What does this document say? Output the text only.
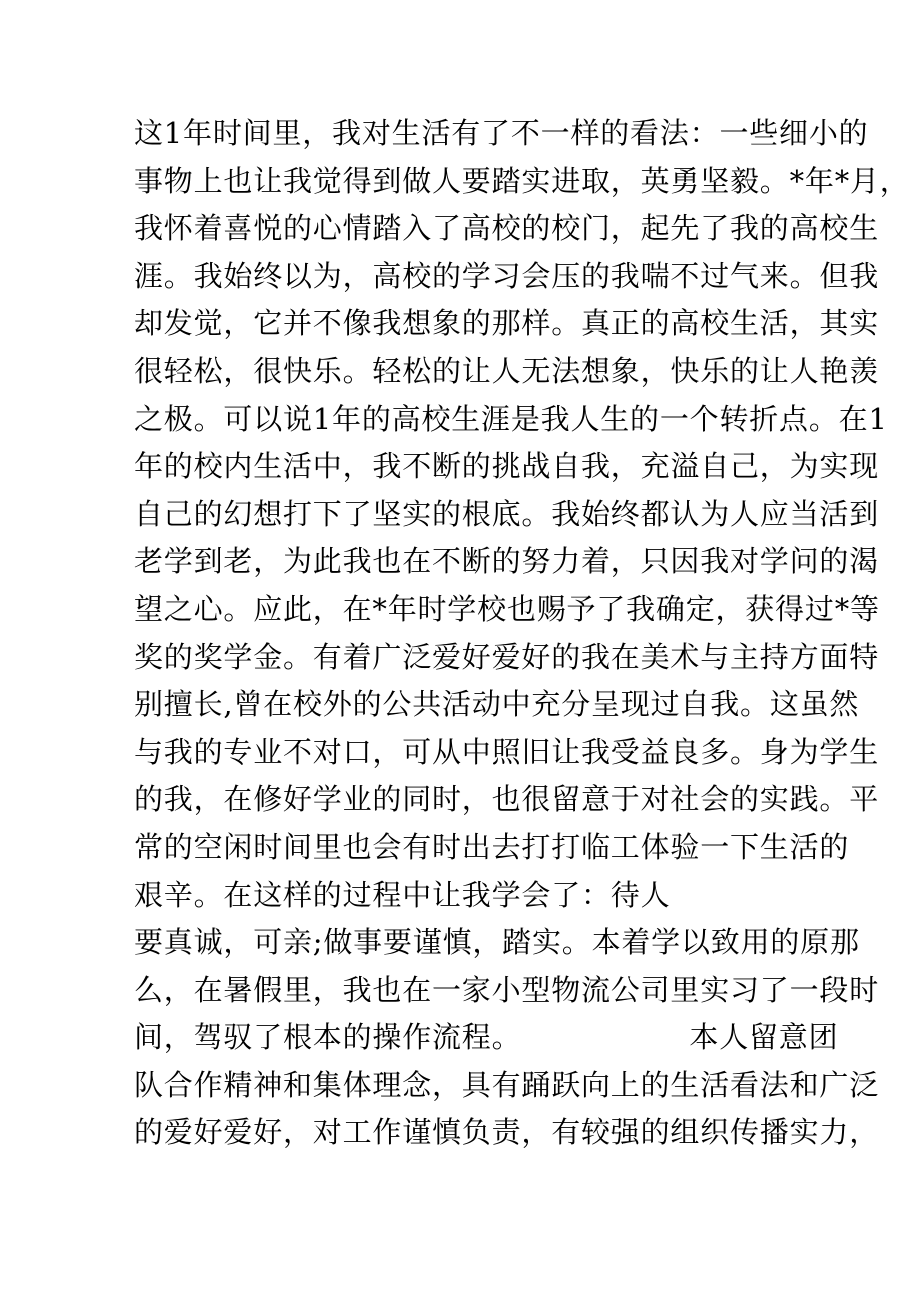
这1年时间里，我对生活有了不一样的看法：一些细小的
事物上也让我觉得到做人要踏实进取，英勇坚毅。*年*月，
我怀着喜悦的心情踏入了高校的校门，起先了我的高校生
涯。我始终以为，高校的学习会压的我喘不过气来。但我
却发觉，它并不像我想象的那样。真正的高校生活，其实
很轻松，很快乐。轻松的让人无法想象，快乐的让人艳羡
之极。可以说1年的高校生涯是我人生的一个转折点。在1
年的校内生活中，我不断的挑战自我，充溢自己，为实现
自己的幻想打下了坚实的根底。我始终都认为人应当活到
老学到老，为此我也在不断的努力着，只因我对学问的渴
望之心。应此，在*年时学校也赐予了我确定，获得过*等
奖的奖学金。有着广泛爱好爱好的我在美术与主持方面特
别擅长,曾在校外的公共活动中充分呈现过自我。这虽然
与我的专业不对口，可从中照旧让我受益良多。身为学生
的我，在修好学业的同时，也很留意于对社会的实践。平
常的空闲时间里也会有时出去打打临工体验一下生活的
艰辛。在这样的过程中让我学会了：待人
要真诚，可亲;做事要谨慎，踏实。本着学以致用的原那
么，在暑假里，我也在一家小型物流公司里实习了一段时
间，驾驭了根本的操作流程。	本人留意团
队合作精神和集体理念，具有踊跃向上的生活看法和广泛
的爱好爱好，对工作谨慎负责，有较强的组织传播实力，
